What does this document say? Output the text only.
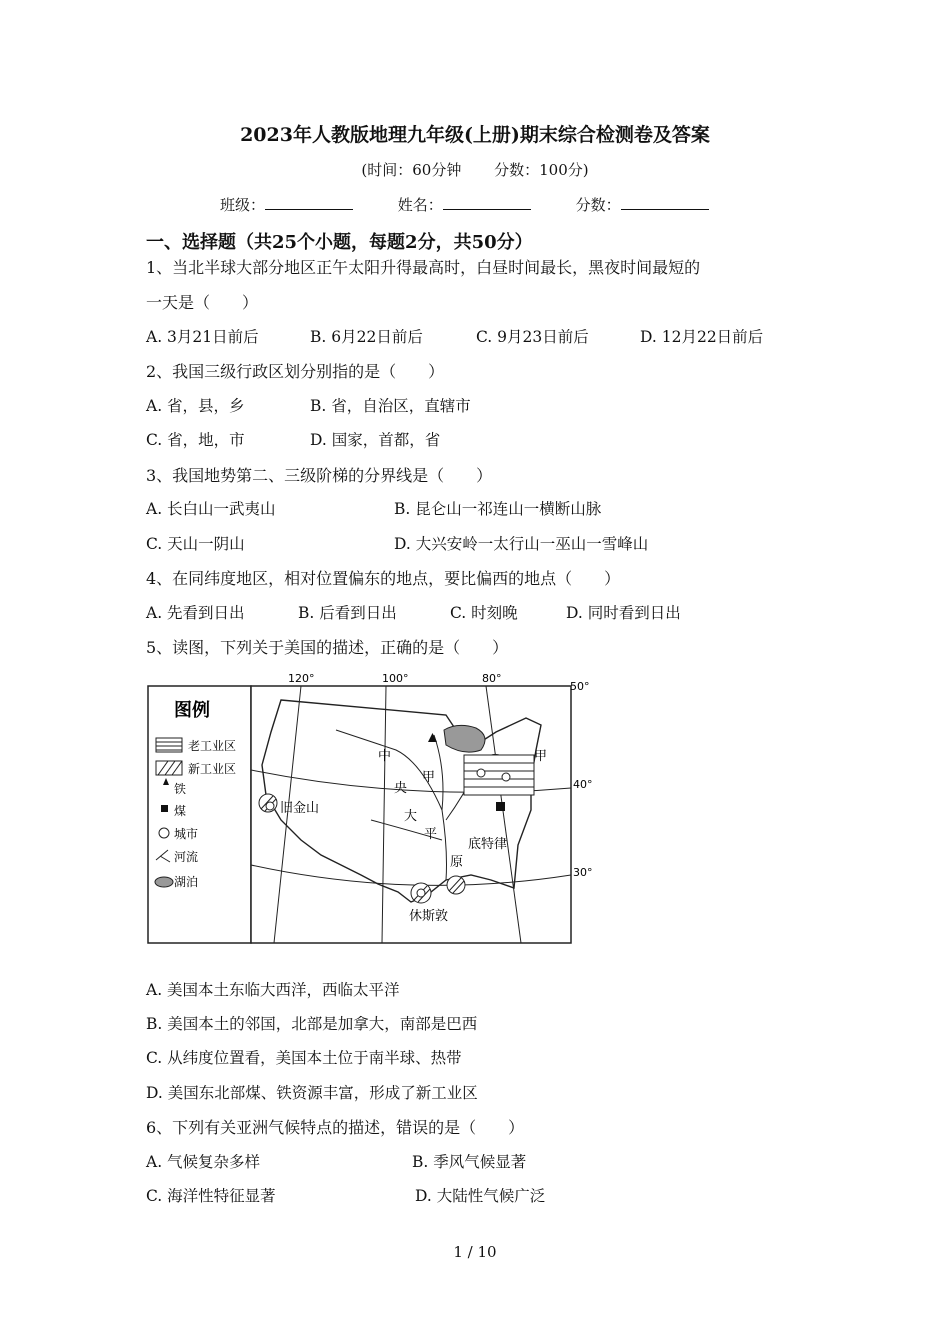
2023年人教版地理九年级(上册)期末综合检测卷及答案
(时间：60分钟 分数：100分)
班级：	姓名：	分数：
一、选择题（共25个小题，每题2分，共50分）
1、当北半球大部分地区正午太阳升得最高时，白昼时间最长，黑夜时间最短的
一天是（　　）
A. 3月21日前后	B. 6月22日前后	C. 9月23日前后	D. 12月22日前后
2、我国三级行政区划分别指的是（　　）
A. 省，县，乡	B. 省，自治区，直辖市
C. 省，地，市	D. 国家，首都，省
3、我国地势第二、三级阶梯的分界线是（　　）
A. 长白山一武夷山	B. 昆仑山一祁连山一横断山脉
C. 天山一阴山	D. 大兴安岭一太行山一巫山一雪峰山
4、在同纬度地区，相对位置偏东的地点，要比偏西的地点（　　）
A. 先看到日出	B. 后看到日出	C. 时刻晚	D. 同时看到日出
5、读图，下列关于美国的描述，正确的是（　　）
图例
老工业区
新工业区
铁
煤
城市
河流
湖泊
中
央
大
平
原
甲
甲
旧金山
底特律
休斯敦
120°	100°	80°
50°
40°
30°
A. 美国本土东临大西洋，西临太平洋
B. 美国本土的邻国，北部是加拿大，南部是巴西
C. 从纬度位置看，美国本土位于南半球、热带
D. 美国东北部煤、铁资源丰富，形成了新工业区
6、下列有关亚洲气候特点的描述，错误的是（　　）
A. 气候复杂多样	B. 季风气候显著
C. 海洋性特征显著	D. 大陆性气候广泛
1 / 10
